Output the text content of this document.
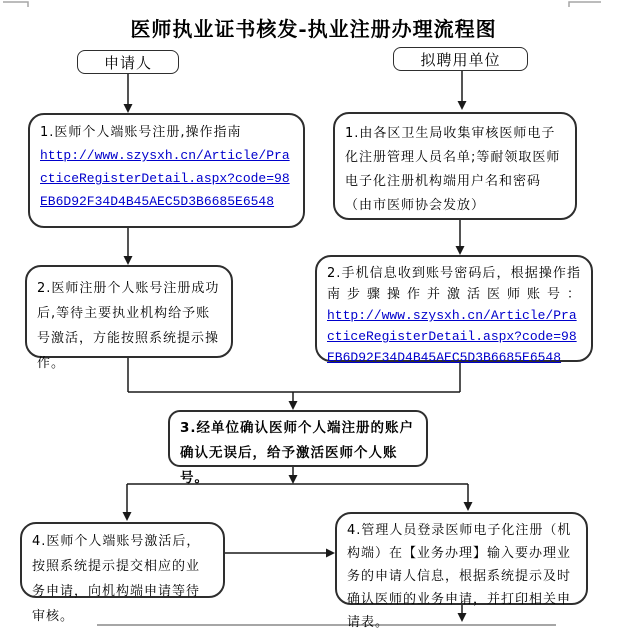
医师执业证书核发-执业注册办理流程图
申请人	拟聘用单位

1.医师个人端账号注册,操作指南
http://www.szysxh.cn/Article/PracticeRegisterDetail.aspx?code=98EB6D92F34D4B45AEC5D3B6685E6548

1.由各区卫生局收集审核医师电子化注册管理人员名单;等耐领取医师电子化注册机构端用户名和密码（由市医师协会发放）

2.医师注册个人账号注册成功后,等待主要执业机构给予账号激活，方能按照系统提示操作。

2.手机信息收到账号密码后，根据操作指南步骤操作并激活医师账号：
http://www.szysxh.cn/Article/PracticeRegisterDetail.aspx?code=98EB6D92F34D4B45AEC5D3B6685E6548

3.经单位确认医师个人端注册的账户确认无误后，给予激活医师个人账号。

4.医师个人端账号激活后，按照系统提示提交相应的业务申请，向机构端申请等待审核。

4.管理人员登录医师电子化注册（机构端）在【业务办理】输入要办理业务的申请人信息，根据系统提示及时确认医师的业务申请，并打印相关申请表。
